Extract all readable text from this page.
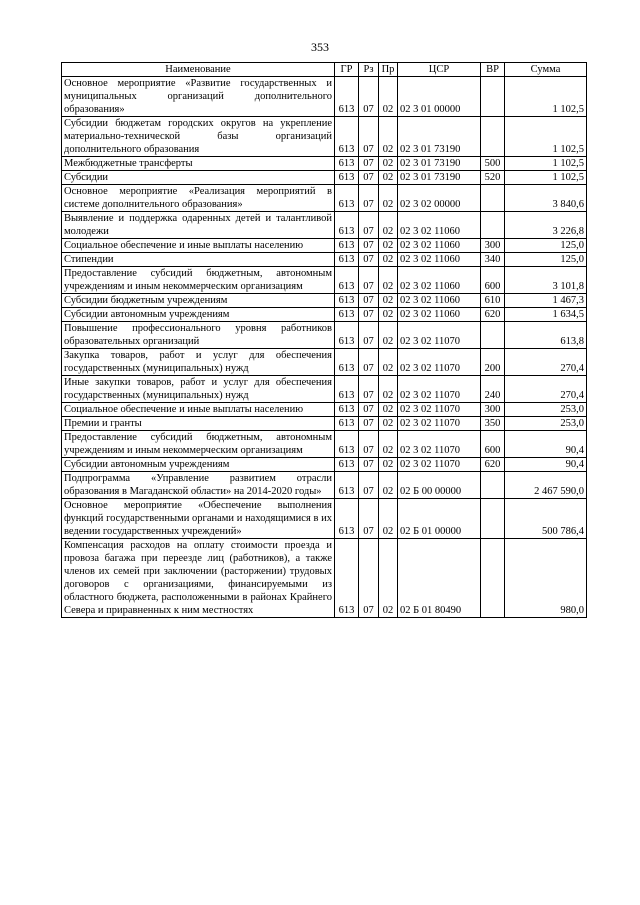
353
Наименование	ГР	Рз	Пр	ЦСР	ВР	Сумма
Основное мероприятие «Развитие государственных и муниципальных организаций дополнительного образования»	613	07	02	02 3 01 00000		1 102,5
Субсидии бюджетам городских округов на укрепление материально-технической базы организаций дополнительного образования	613	07	02	02 3 01 73190		1 102,5
Межбюджетные трансферты	613	07	02	02 3 01 73190	500	1 102,5
Субсидии	613	07	02	02 3 01 73190	520	1 102,5
Основное мероприятие «Реализация мероприятий в системе дополнительного образования»	613	07	02	02 3 02 00000		3 840,6
Выявление и поддержка одаренных детей и талантливой молодежи	613	07	02	02 3 02 11060		3 226,8
Социальное обеспечение и иные выплаты населению	613	07	02	02 3 02 11060	300	125,0
Стипендии	613	07	02	02 3 02 11060	340	125,0
Предоставление субсидий бюджетным, автономным учреждениям и иным некоммерческим организациям	613	07	02	02 3 02 11060	600	3 101,8
Субсидии бюджетным учреждениям	613	07	02	02 3 02 11060	610	1 467,3
Субсидии автономным учреждениям	613	07	02	02 3 02 11060	620	1 634,5
Повышение профессионального уровня работников образовательных организаций	613	07	02	02 3 02 11070		613,8
Закупка товаров, работ и услуг для обеспечения государственных (муниципальных) нужд	613	07	02	02 3 02 11070	200	270,4
Иные закупки товаров, работ и услуг для обеспечения государственных (муниципальных) нужд	613	07	02	02 3 02 11070	240	270,4
Социальное обеспечение и иные выплаты населению	613	07	02	02 3 02 11070	300	253,0
Премии и гранты	613	07	02	02 3 02 11070	350	253,0
Предоставление субсидий бюджетным, автономным учреждениям и иным некоммерческим организациям	613	07	02	02 3 02 11070	600	90,4
Субсидии автономным учреждениям	613	07	02	02 3 02 11070	620	90,4
Подпрограмма «Управление развитием отрасли образования в Магаданской области» на 2014-2020 годы»	613	07	02	02 Б 00 00000		2 467 590,0
Основное мероприятие «Обеспечение выполнения функций государственными органами и находящимися в их ведении государственных учреждений»	613	07	02	02 Б 01 00000		500 786,4
Компенсация расходов на оплату стоимости проезда и провоза багажа при переезде лиц (работников), а также членов их семей при заключении (расторжении) трудовых договоров с организациями, финансируемыми из областного бюджета, расположенными в районах Крайнего Севера и приравненных к ним местностях	613	07	02	02 Б 01 80490		980,0
